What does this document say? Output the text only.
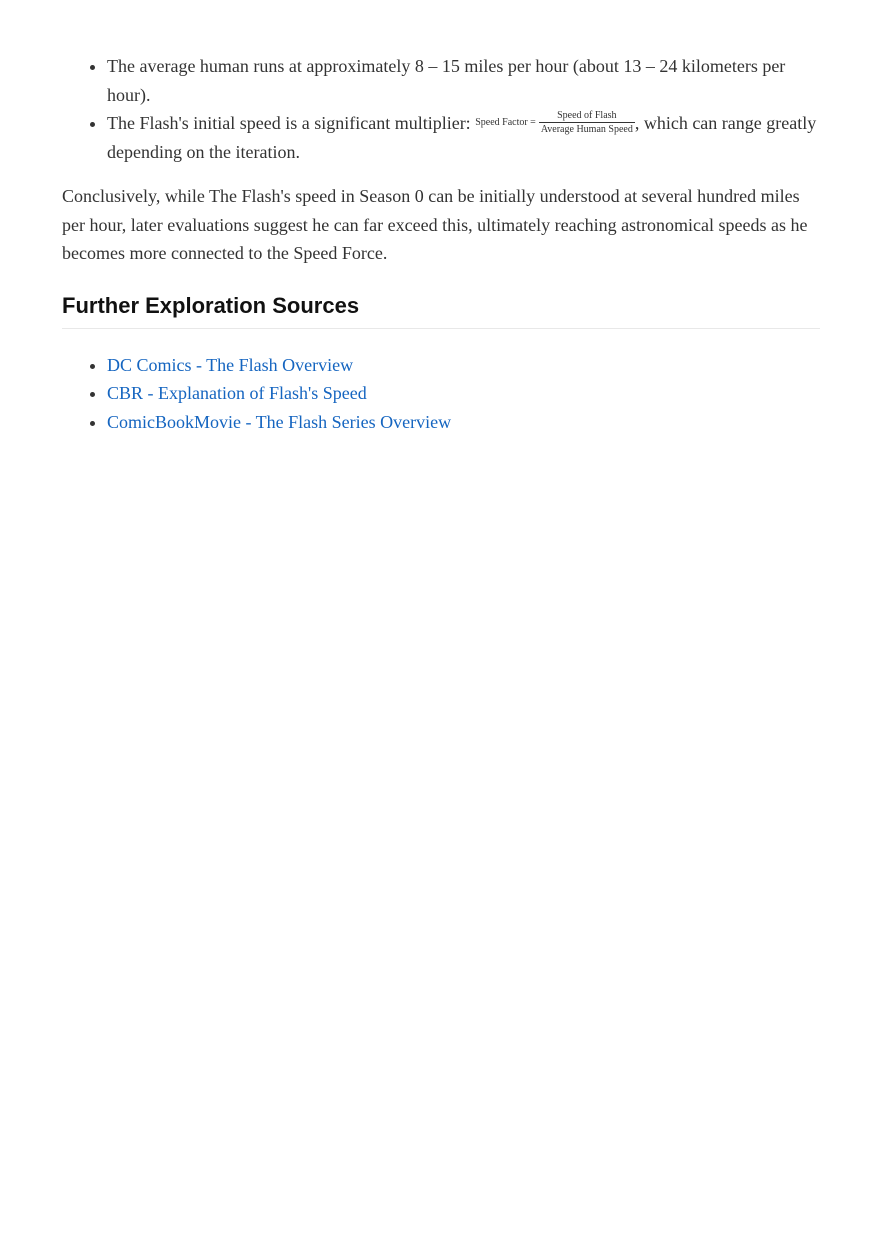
• The average human runs at approximately 8 – 15 miles per hour (about 13 – 24 kilometers per hour).
• The Flash's initial speed is a significant multiplier: Speed Factor = $\frac{\text{Speed of Flash}}{\text{Average Human Speed}}$ , which can range greatly depending on the iteration.

Conclusively, while The Flash's speed in Season 0 can be initially understood at several hundred miles per hour, later evaluations suggest he can far exceed this, ultimately reaching astronomical speeds as he becomes more connected to the Speed Force.

Further Exploration Sources
• DC Comics - The Flash Overview
• CBR - Explanation of Flash's Speed
• ComicBookMovie - The Flash Series Overview
